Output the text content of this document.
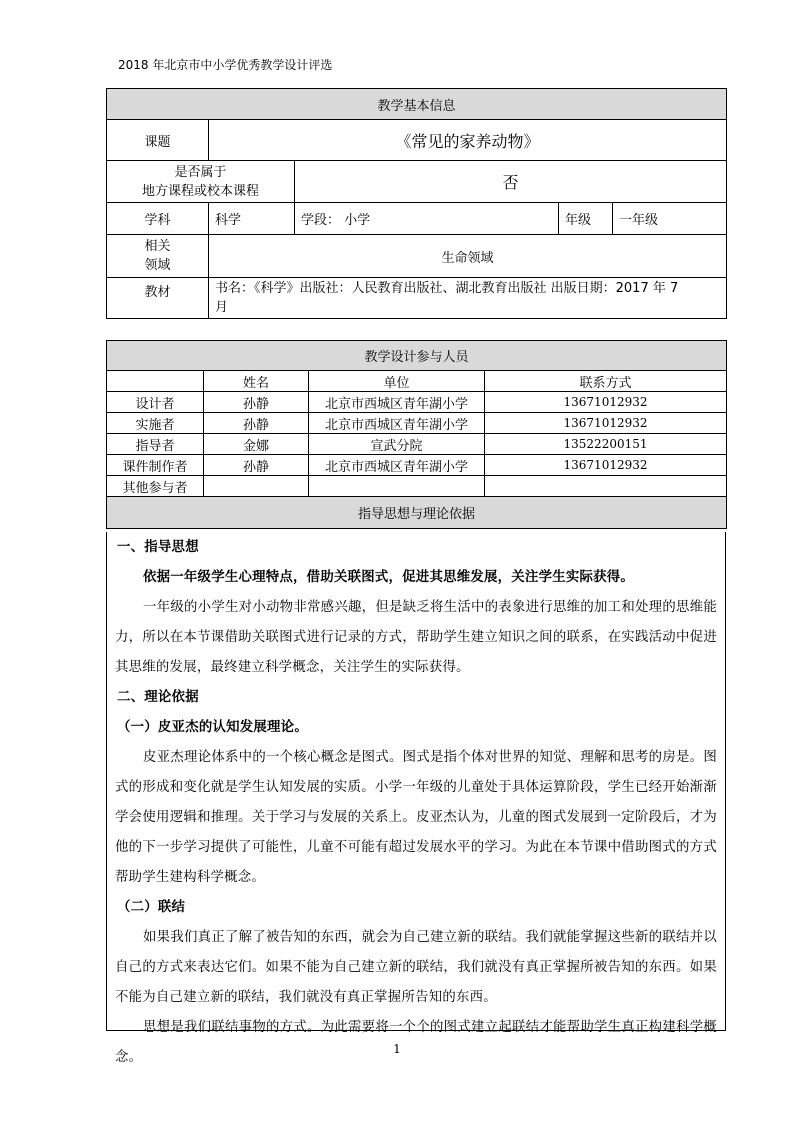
2018 年北京市中小学优秀教学设计评选
教学基本信息				
课题	《常见的家养动物》			

是否属于
地方课程或校本课程		否		
学科	科学	学段： 小学	年级	一年级

相关
领域	生命领域			
教材	书名：《科学》出版社：人民教育出版社、湖北教育出版社 出版日期：2017 年 7
月			
教学设计参与人员			
	姓名	单位	联系方式
设计者	孙静	北京市西城区青年湖小学	13671012932
实施者	孙静	北京市西城区青年湖小学	13671012932
指导者	金娜	宣武分院	13522200151
课件制作者	孙静	北京市西城区青年湖小学	13671012932
其他参与者			
指导思想与理论依据			

一、指导思想

依据一年级学生心理特点，借助关联图式，促进其思维发展，关注学生实际获得。

一年级的小学生对小动物非常感兴趣，但是缺乏将生活中的表象进行思维的加工和处理的思维能力，所以在本节课借助关联图式进行记录的方式，帮助学生建立知识之间的联系，在实践活动中促进其思维的发展，最终建立科学概念，关注学生的实际获得。

二、理论依据

（一）皮亚杰的认知发展理论。

皮亚杰理论体系中的一个核心概念是图式。图式是指个体对世界的知觉、理解和思考的房是。图式的形成和变化就是学生认知发展的实质。小学一年级的儿童处于具体运算阶段，学生已经开始渐渐学会使用逻辑和推理。关于学习与发展的关系上。皮亚杰认为，儿童的图式发展到一定阶段后，才为他的下一步学习提供了可能性，儿童不可能有超过发展水平的学习。为此在本节课中借助图式的方式帮助学生建构科学概念。

（二）联结

如果我们真正了解了被告知的东西，就会为自己建立新的联结。我们就能掌握这些新的联结并以自己的方式来表达它们。如果不能为自己建立新的联结，我们就没有真正掌握所被告知的东西。如果不能为自己建立新的联结，我们就没有真正掌握所告知的东西。

思想是我们联结事物的方式。为此需要将一个个的图式建立起联结才能帮助学生真正构建科学概念。

1
